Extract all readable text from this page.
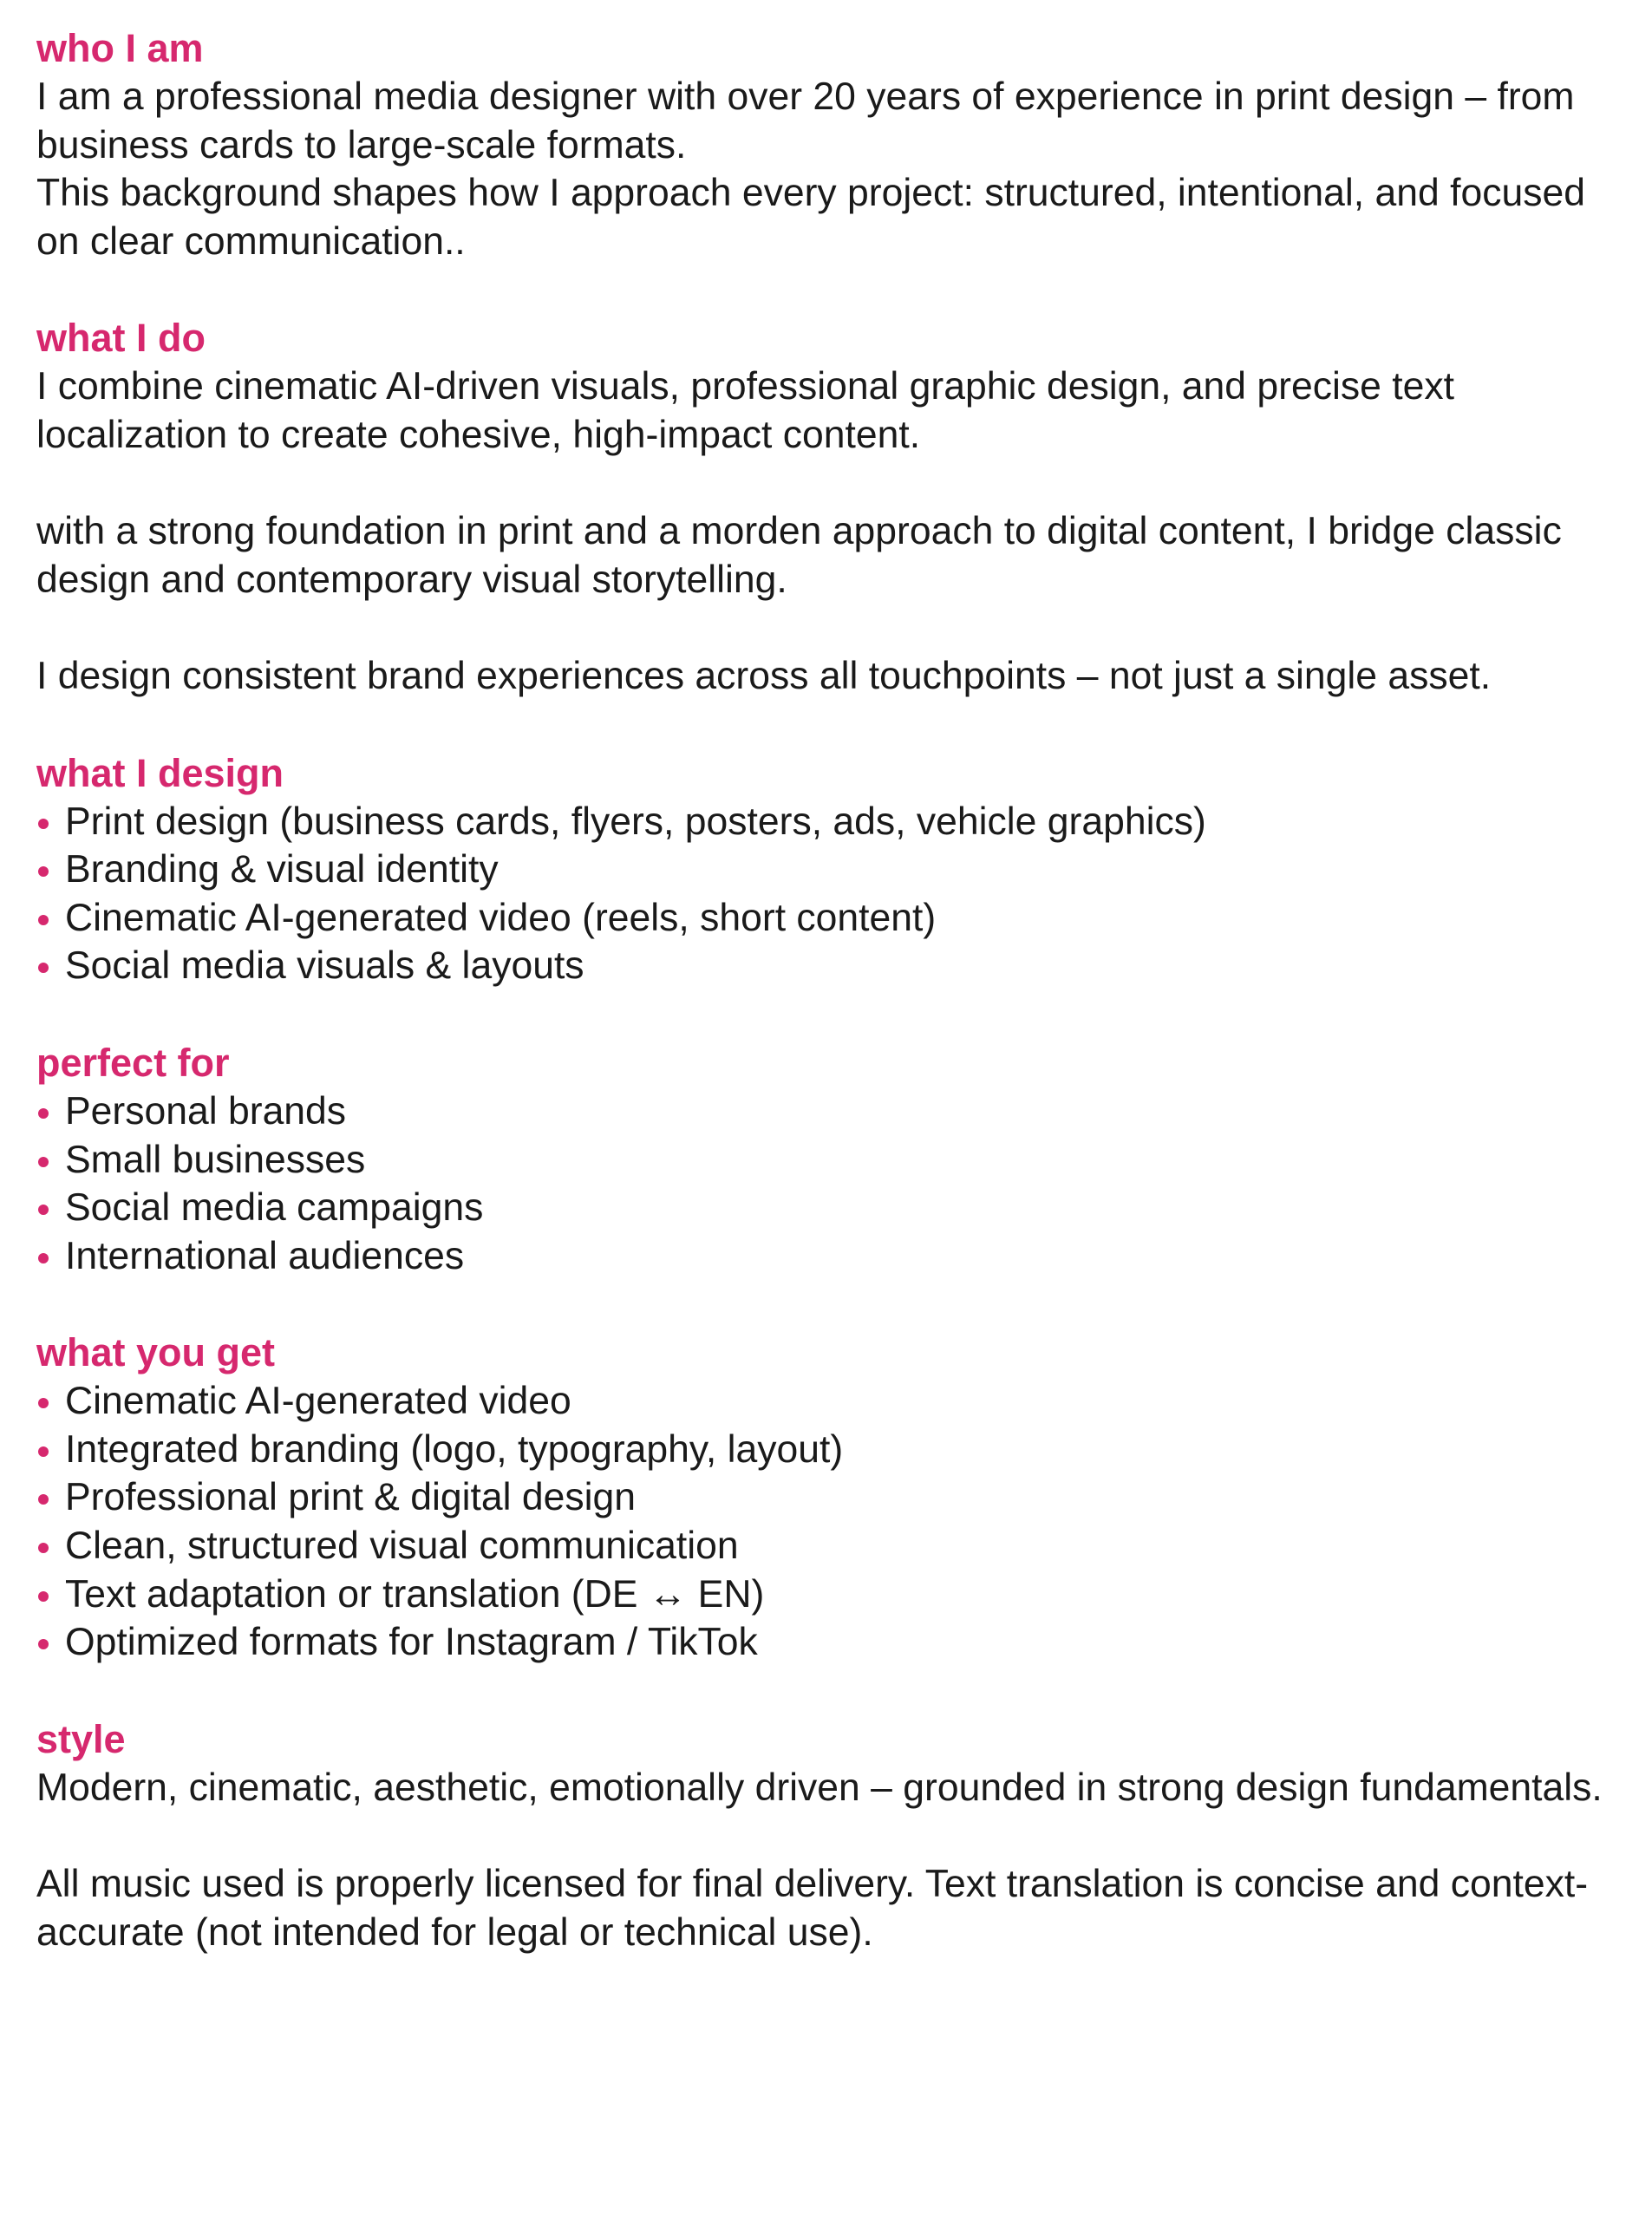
who I am

I am a professional media designer with over 20 years of experience in print design – from business cards to large-scale formats.
This background shapes how I approach every project: structured, intentional, and focused on clear communication..

what I do

I combine cinematic AI-driven visuals, professional graphic design, and precise text localization to create cohesive, high-impact content.

with a strong foundation in print and a morden approach to digital content, I bridge classic design and contemporary visual storytelling.

I design consistent brand experiences across all touchpoints – not just a single asset.

what I design
Print design (business cards, flyers, posters, ads, vehicle graphics)
Branding & visual identity
Cinematic AI-generated video (reels, short content)
Social media visuals & layouts
perfect for
Personal brands
Small businesses
Social media campaigns
International audiences
what you get
Cinematic AI-generated video
Integrated branding (logo, typography, layout)
Professional print & digital design
Clean, structured visual communication
Text adaptation or translation (DE ↔ EN)
Optimized formats for Instagram / TikTok
style

Modern, cinematic, aesthetic, emotionally driven – grounded in strong design fundamentals.

All music used is properly licensed for final delivery. Text translation is concise and context-accurate (not intended for legal or technical use).
